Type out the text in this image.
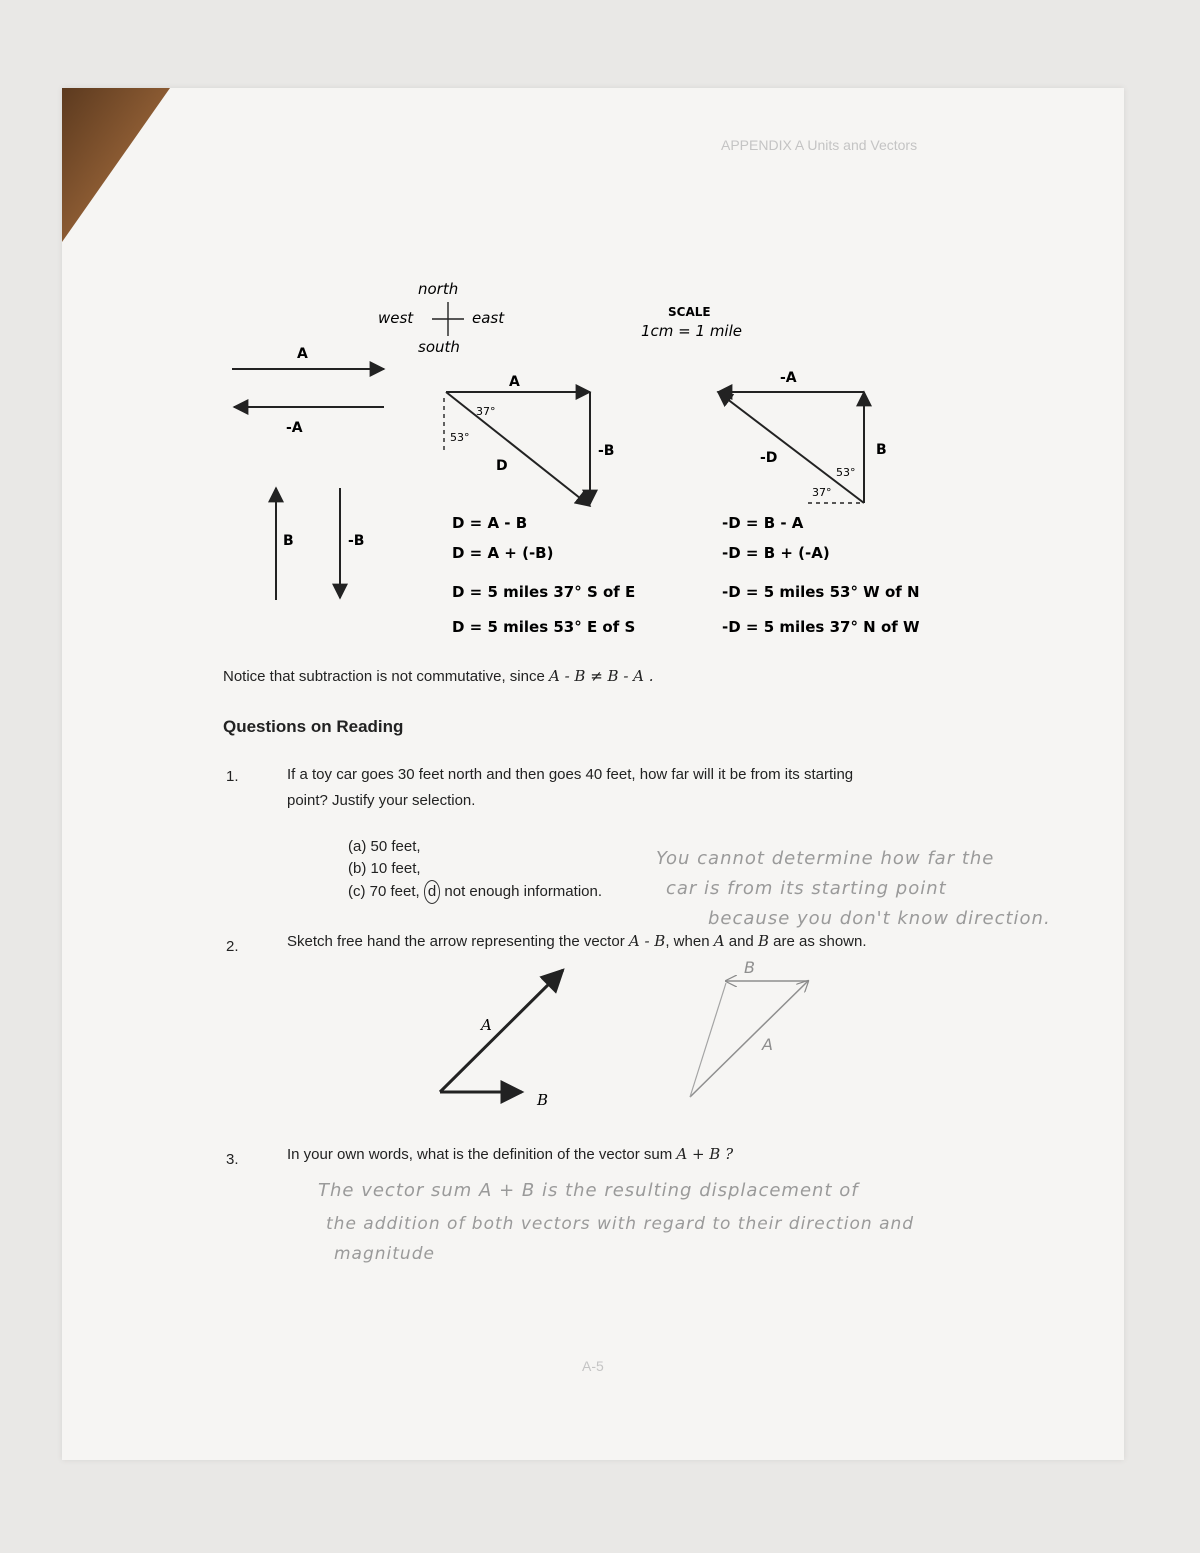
APPENDIX A Units and Vectors
north
west	east
south
SCALE
1cm = 1 mile
A
-A
B	-B
A
37°
53°
-B
D
-A
B
-D
53°
37°
D = A - B
D = A + (-B)
D = 5 miles 37° S of E
D = 5 miles 53° E of S
-D = B - A
-D = B + (-A)
-D = 5 miles 53° W of N
-D = 5 miles 37° N of W
Notice that subtraction is not commutative, since A - B ≠ B - A .
Questions on Reading
1.	If a toy car goes 30 feet north and then goes 40 feet, how far will it be from its starting
point? Justify your selection.
(a) 50 feet,
(b) 10 feet,
(c) 70 feet, d not enough information.
You cannot determine how far the
car is from its starting point
because you don't know direction.
2.	Sketch free hand the arrow representing the vector A - B, when A and B are as shown.
A
B
B
A
3.	In your own words, what is the definition of the vector sum A + B ?
The vector sum A + B is the resulting displacement of
the addition of both vectors with regard to their direction and
magnitude
A-5
